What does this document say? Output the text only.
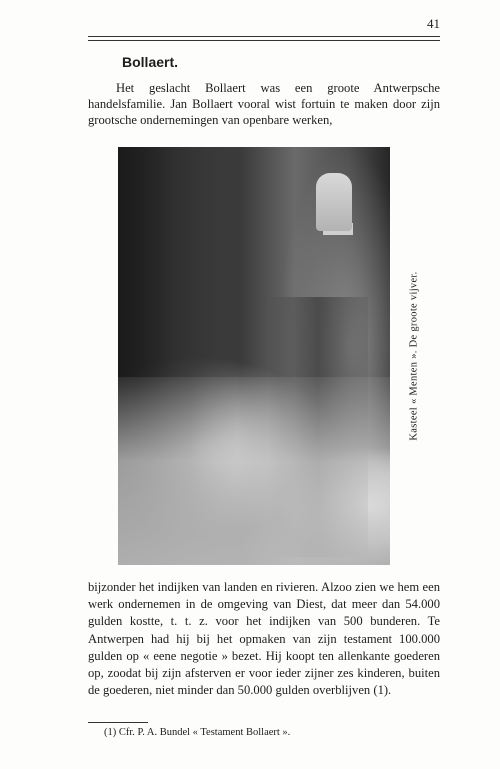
41
Bollaert.
Het geslacht Bollaert was een groote Antwerpsche handelsfamilie. Jan Bollaert vooral wist fortuin te maken door zijn grootsche ondernemingen van openbare werken,
Kasteel « Menten ». De groote vijver.
bijzonder het indijken van landen en rivieren. Alzoo zien we hem een werk ondernemen in de omgeving van Diest, dat meer dan 54.000 gulden kostte, t. t. z. voor het indijken van 500 bunderen. Te Antwerpen had hij bij het opmaken van zijn testament 100.000 gulden op « eene negotie » bezet. Hij koopt ten allenkante goederen op, zoodat bij zijn afsterven er voor ieder zijner zes kinderen, buiten de goederen, niet minder dan 50.000 gulden overblijven (1).
(1) Cfr. P. A. Bundel « Testament Bollaert ».
